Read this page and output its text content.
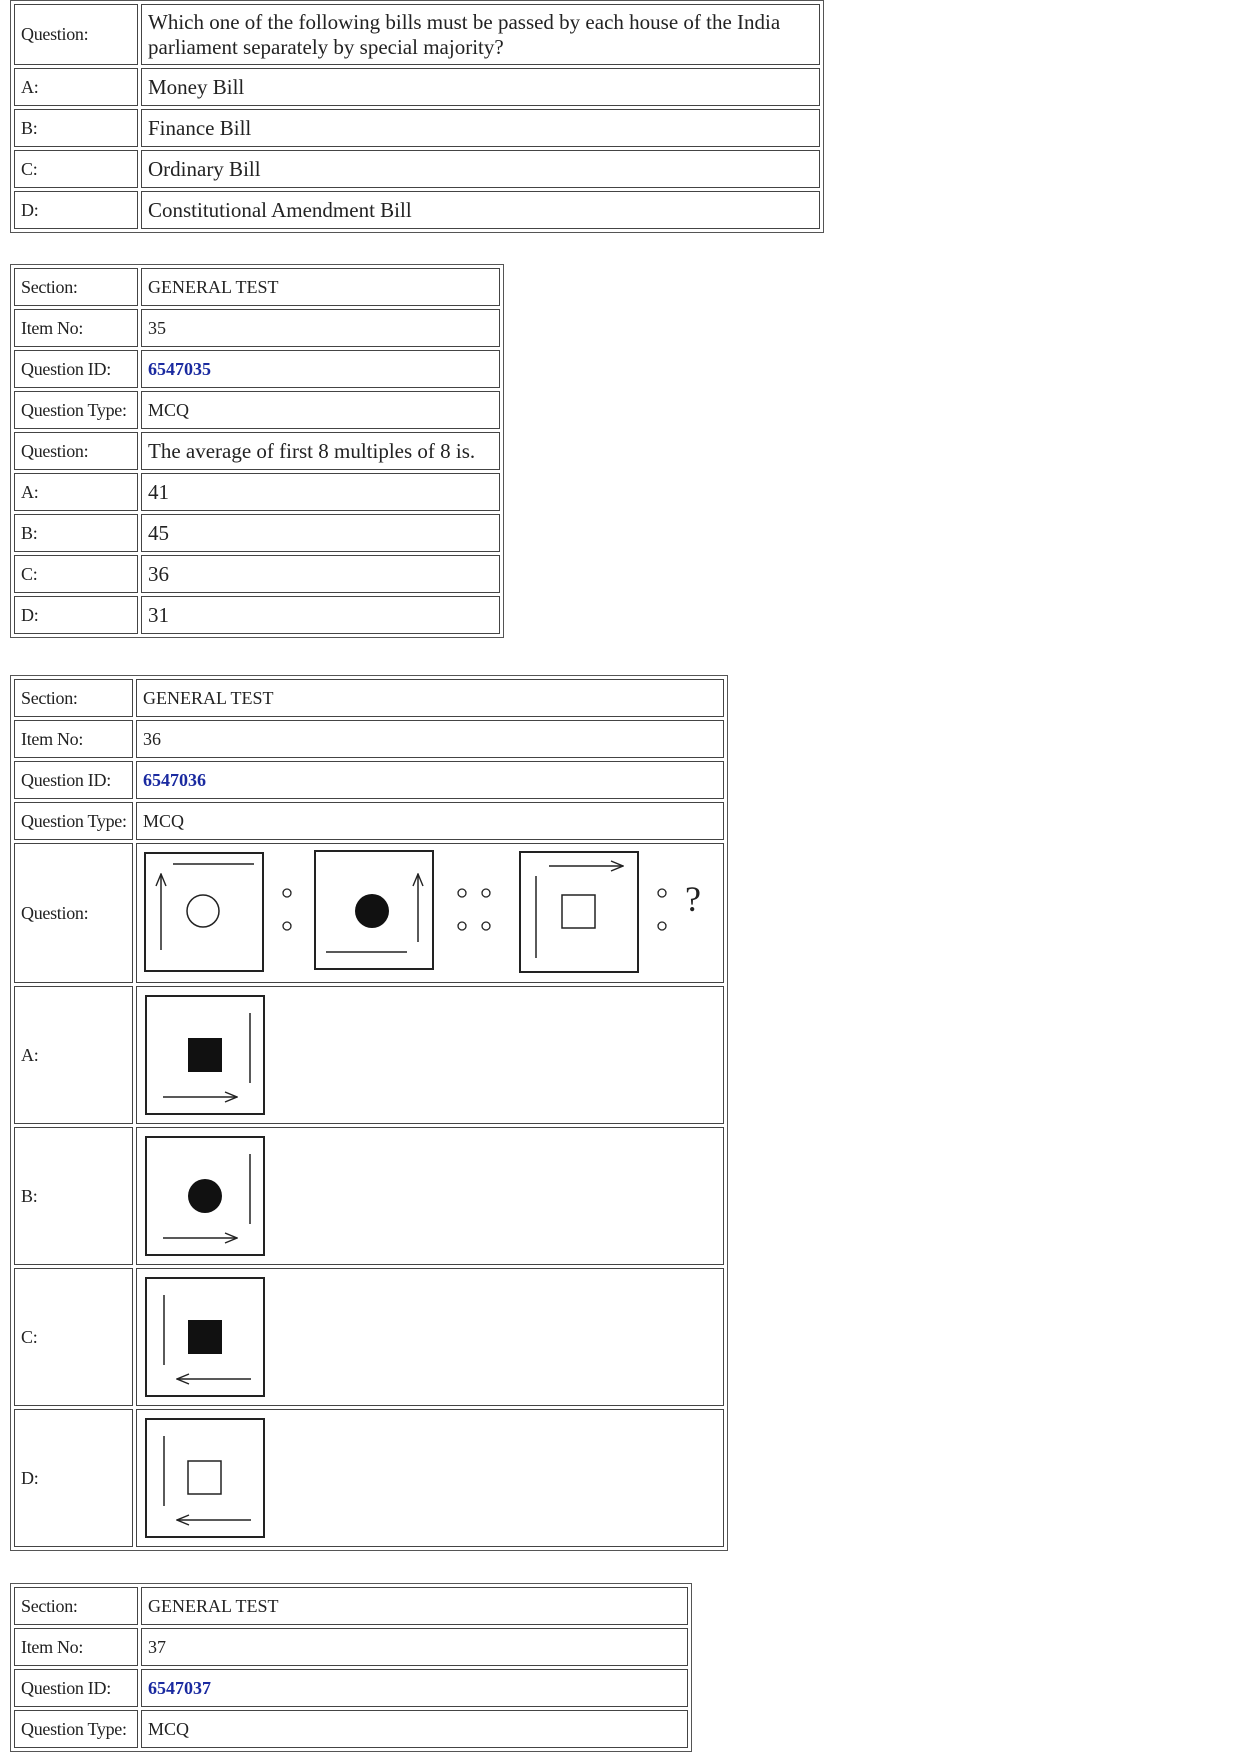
Question:	Which one of the following bills must be passed by each house of the India parliament separately by special majority?
A:	Money Bill
B:	Finance Bill
C:	Ordinary Bill
D:	Constitutional Amendment Bill
Section:	GENERAL TEST
Item No:	35
Question ID:	6547035
Question Type:	MCQ
Question:	The average of first 8 multiples of 8 is.
A:	41
B:	45
C:	36
D:	31
Section:	GENERAL TEST
Item No:	36
Question ID:	6547036
Question Type:	MCQ
Question:	?

A:	

B:	

C:	

D:	
Section:	GENERAL TEST
Item No:	37
Question ID:	6547037
Question Type:	MCQ
